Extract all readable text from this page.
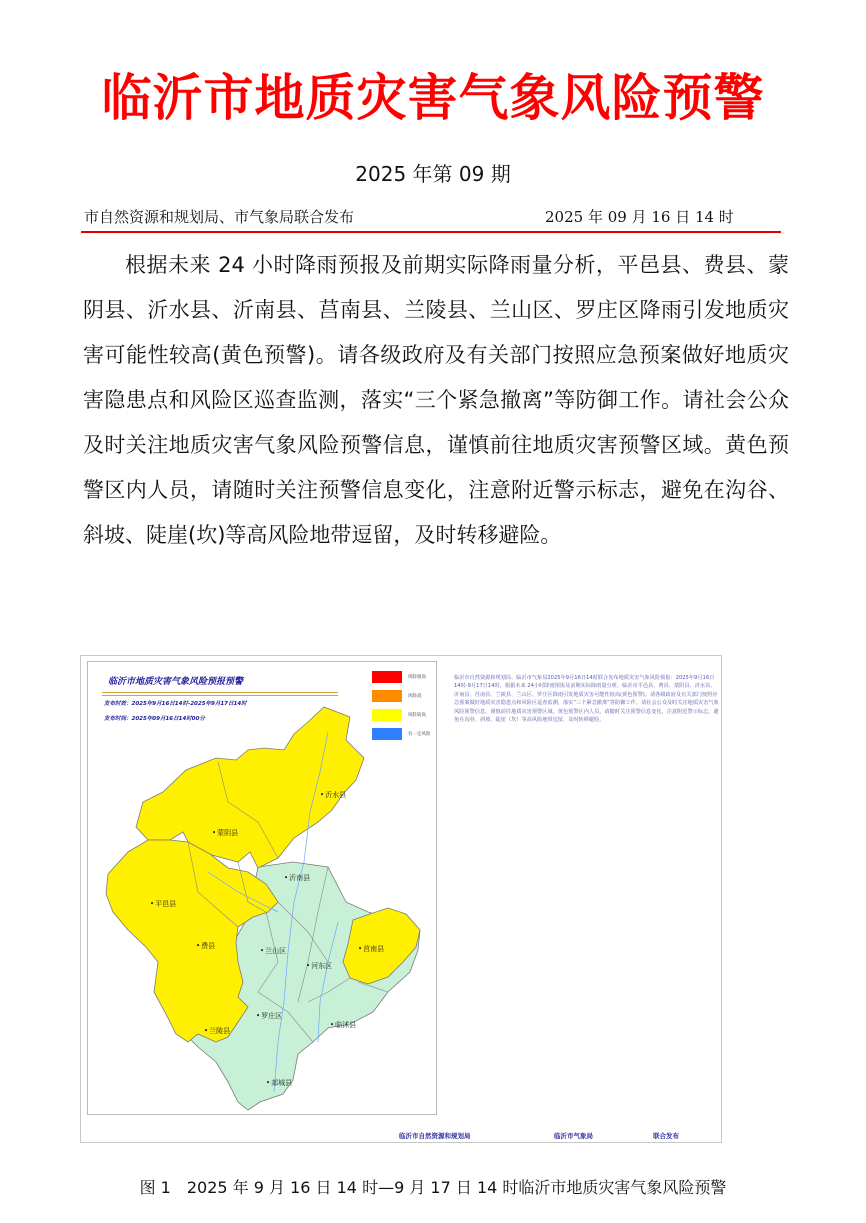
临沂市地质灾害气象风险预警
2025 年第 09 期
市自然资源和规划局、市气象局联合发布	2025 年 09 月 16 日 14 时
根据未来 24 小时降雨预报及前期实际降雨量分析，平邑县、费县、蒙阴县、沂水县、沂南县、莒南县、兰陵县、兰山区、罗庄区降雨引发地质灾害可能性较高(黄色预警)。请各级政府及有关部门按照应急预案做好地质灾害隐患点和风险区巡查监测，落实“三个紧急撤离”等防御工作。请社会公众及时关注地质灾害气象风险预警信息，谨慎前往地质灾害预警区域。黄色预警区内人员，请随时关注预警信息变化，注意附近警示标志，避免在沟谷、斜坡、陡崖(坎)等高风险地带逗留，及时转移避险。
临沂市地质灾害气象风险预报预警
发布时效：2025年9月16日14时-2025年9月17日14时
发布时间：2025年09月16日14时00分
风险很高
风险高
风险较高
有一定风险
• 沂水县
• 蒙阴县
• 沂南县
• 平邑县
• 费县
• 兰山区
• 河东区
• 莒南县
• 罗庄区
• 临沭县
• 兰陵县
• 郯城县
临沂市自然资源和规划局、临沂市气象局2025年9月16日14时联合发布地质灾害气象风险预报：2025年9月16日14时-9月17日14时，根据未来 24小时降雨预报及前期实际降雨量分析，临沂市平邑县、费县、蒙阴县、沂水县、沂南县、莒南县、兰陵县、兰山区、罗庄区降雨引发地质灾害可能性较高(黄色预警)。请各级政府及有关部门按照应急预案做好地质灾害隐患点和风险区巡查监测，落实“三个紧急撤离”等防御工作。请社会公众及时关注地质灾害气象风险预警信息，谨慎前往地质灾害预警区域。黄色预警区内人员，请随时关注预警信息变化，注意附近警示标志，避免在沟谷、斜坡、陡崖（坎）等高风险地带逗留，及时转移避险。
临沂市自然资源和规划局	临沂市气象局	联合发布
图 1　2025 年 9 月 16 日 14 时—9 月 17 日 14 时临沂市地质灾害气象风险预警
